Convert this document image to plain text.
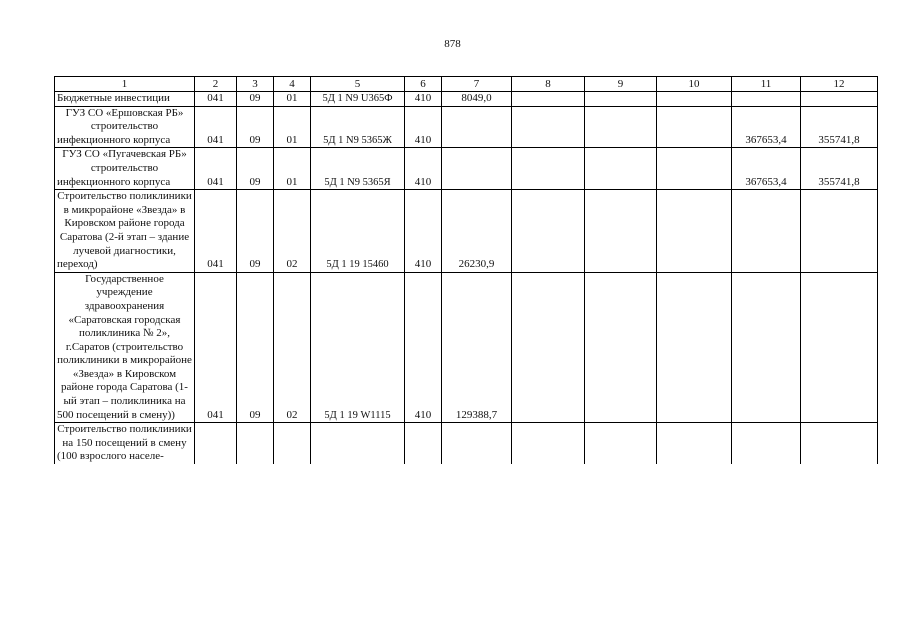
878
1	2	3	4	5	6	7	8	9	10	11	12
Бюджетные инвестиции	041	09	01	5Д 1 N9 U365Ф	410	8049,0					
ГУЗ СО «Ершовская РБ» строительство инфекционного корпуса	041	09	01	5Д 1 N9 5365Ж	410					367653,4	355741,8
ГУЗ СО «Пугачевская РБ» строительство инфекционного корпуса	041	09	01	5Д 1 N9 5365Я	410					367653,4	355741,8
Строительство поликлиники в микрорайоне «Звезда» в Кировском районе города Саратова (2-й этап – здание лучевой диагностики, переход)	041	09	02	5Д 1 19 15460	410	26230,9					
Государственное учреждение здравоохранения «Саратовская городская поликлиника № 2», г.Саратов (строительство поликлиники в микрорайоне «Звезда» в Кировском районе города Саратова (1-ый этап – поликлиника на 500 посещений в смену))	041	09	02	5Д 1 19 W1115	410	129388,7					
Строительство поликлиники на 150 посещений в смену (100 взрослого населе-											
